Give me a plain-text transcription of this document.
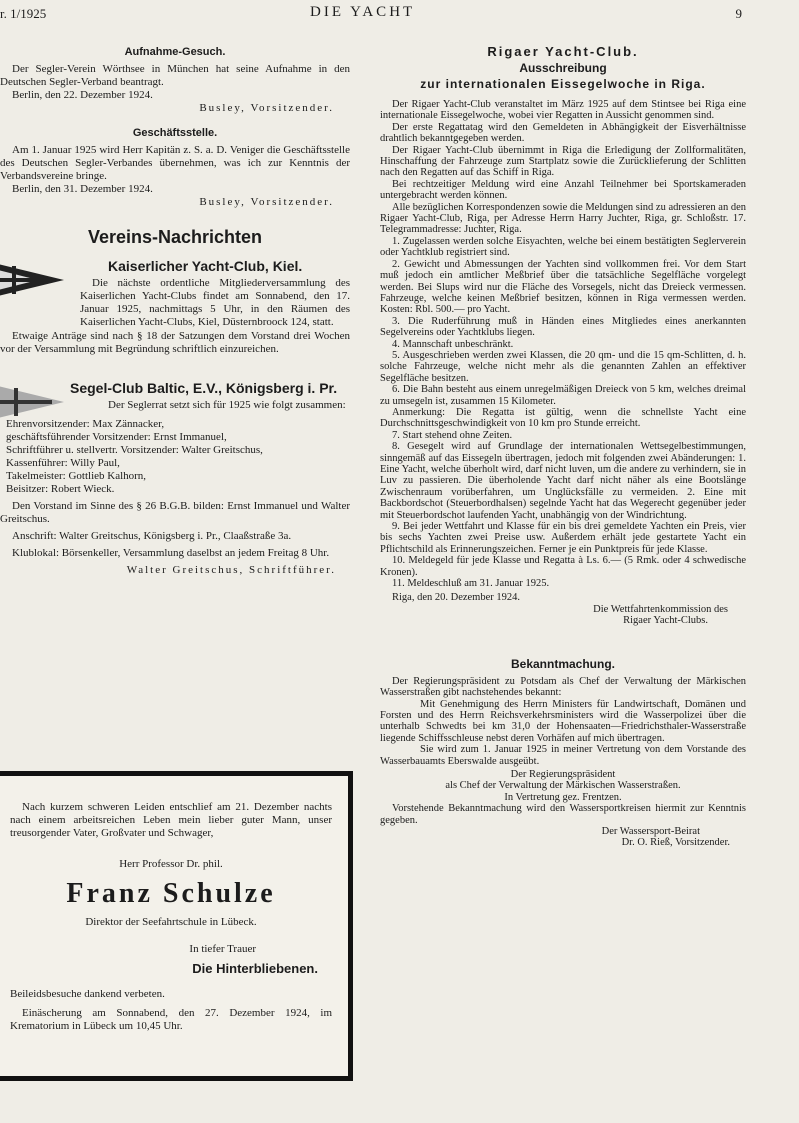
r. 1/1925	DIE YACHT	9
Aufnahme-Gesuch.

Der Segler-Verein Wörthsee in München hat seine Aufnahme in den Deutschen Segler-Verband beantragt.

Berlin, den 22. Dezember 1924.

Busley, Vorsitzender.

Geschäftsstelle.

Am 1. Januar 1925 wird Herr Kapitän z. S. a. D. Veniger die Geschäftsstelle des Deutschen Segler-Verbandes übernehmen, was ich zur Kenntnis der Verbandsvereine bringe.

Berlin, den 31. Dezember 1924.

Busley, Vorsitzender.

Vereins-Nachrichten
Kaiserlicher Yacht-Club, Kiel.

Die nächste ordentliche Mitgliederversammlung des Kaiserlichen Yacht-Clubs findet am Sonnabend, den 17. Januar 1925, nachmittags 5 Uhr, in den Räumen des Kaiserlichen Yacht-Clubs, Kiel, Düsternbroock 124, statt.

Etwaige Anträge sind nach § 18 der Satzungen dem Vorstand drei Wochen vor der Versammlung mit Begründung schriftlich einzureichen.

Segel-Club Baltic, E.V., Königsberg i. Pr.

Der Seglerrat setzt sich für 1925 wie folgt zusammen:

Ehrenvorsitzender: Max Zännacker,
geschäftsführender Vorsitzender: Ernst Immanuel,
Schriftführer u. stellvertr. Vorsitzender: Walter Greitschus,
Kassenführer: Willy Paul,
Takelmeister: Gottlieb Kalhorn,
Beisitzer: Robert Wieck.

Den Vorstand im Sinne des § 26 B.G.B. bilden: Ernst Immanuel und Walter Greitschus.

Anschrift: Walter Greitschus, Königsberg i. Pr., Claaßstraße 3a.

Klublokal: Börsenkeller, Versammlung daselbst an jedem Freitag 8 Uhr.

Walter Greitschus, Schriftführer.

Nach kurzem schweren Leiden entschlief am 21. Dezember nachts nach einem arbeitsreichen Leben mein lieber guter Mann, unser treusorgender Vater, Großvater und Schwager,

Herr Professor Dr. phil.
Franz Schulze

Direktor der Seefahrtschule in Lübeck.

In tiefer Trauer
Die Hinterbliebenen.

Beileidsbesuche dankend verbeten.

Einäscherung am Sonnabend, den 27. Dezember 1924, im Krematorium in Lübeck um 10,45 Uhr.

Rigaer Yacht-Club.
Ausschreibung
zur internationalen Eissegelwoche in Riga.

Der Rigaer Yacht-Club veranstaltet im März 1925 auf dem Stintsee bei Riga eine internationale Eissegelwoche, wobei vier Regatten in Aussicht genommen sind.

Der erste Regattatag wird den Gemeldeten in Abhängigkeit der Eisverhältnisse drahtlich bekanntgegeben werden.

Der Rigaer Yacht-Club übernimmt in Riga die Erledigung der Zollformalitäten, Hinschaffung der Fahrzeuge zum Startplatz sowie die Zurücklieferung der Schlitten nach den Regatten auf das Schiff in Riga.

Bei rechtzeitiger Meldung wird eine Anzahl Teilnehmer bei Sportskameraden untergebracht werden können.

Alle bezüglichen Korrespondenzen sowie die Meldungen sind zu adressieren an den Rigaer Yacht-Club, Riga, per Adresse Herrn Harry Juchter, Riga, gr. Schloßstr. 17. Telegrammadresse: Juchter, Riga.

1. Zugelassen werden solche Eisyachten, welche bei einem bestätigten Seglerverein oder Yachtklub registriert sind.

2. Gewicht und Abmessungen der Yachten sind vollkommen frei. Vor dem Start muß jedoch ein amtlicher Meßbrief über die tatsächliche Segelfläche vorgelegt werden. Bei Slups wird nur die Fläche des Vorsegels, nicht das Dreieck vermessen. Fahrzeuge, welche keinen Meßbrief besitzen, können in Riga vermessen werden. Kosten: Rbl. 500.— pro Yacht.

3. Die Ruderführung muß in Händen eines Mitgliedes eines anerkannten Segelvereins oder Yachtklubs liegen.

4. Mannschaft unbeschränkt.

5. Ausgeschrieben werden zwei Klassen, die 20 qm- und die 15 qm-Schlitten, d. h. solche Fahrzeuge, welche nicht mehr als die genannten Zahlen an effektiver Segelfläche besitzen.

6. Die Bahn besteht aus einem unregelmäßigen Dreieck von 5 km, welches dreimal zu umsegeln ist, zusammen 15 Kilometer.

Anmerkung: Die Regatta ist gültig, wenn die schnellste Yacht eine Durchschnittsgeschwindigkeit von 10 km pro Stunde erreicht.

7. Start stehend ohne Zeiten.

8. Gesegelt wird auf Grundlage der internationalen Wettsegelbestimmungen, sinngemäß auf das Eissegeln übertragen, jedoch mit folgenden zwei Abänderungen: 1. Eine Yacht, welche überholt wird, darf nicht luven, um die andere zu verhindern, sie in Luv zu passieren. Die überholende Yacht darf nicht näher als eine Bootslänge Zwischenraum vorüberfahren, um Unglücksfälle zu vermeiden. 2. Eine mit Backbordschot (Steuerbordhalsen) segelnde Yacht hat das Wegerecht gegenüber jeder mit Steuerbordschot laufenden Yacht, unabhängig von der Windrichtung.

9. Bei jeder Wettfahrt und Klasse für ein bis drei gemeldete Yachten ein Preis, vier bis sechs Yachten zwei Preise usw. Außerdem erhält jede gestartete Yacht ein Pflichtschild als Erinnerungszeichen. Ferner je ein Punktpreis für jede Klasse.

10. Meldegeld für jede Klasse und Regatta à Ls. 6.— (5 Rmk. oder 4 schwedische Kronen).

11. Meldeschluß am 31. Januar 1925.

Riga, den 20. Dezember 1924.

Die Wettfahrtenkommission des

Rigaer Yacht-Clubs.

Bekanntmachung.

Der Regierungspräsident zu Potsdam als Chef der Verwaltung der Märkischen Wasserstraßen gibt nachstehendes bekannt:

Mit Genehmigung des Herrn Ministers für Landwirtschaft, Domänen und Forsten und des Herrn Reichsverkehrsministers wird die Wasserpolizei über die unterhalb Schwedts bei km 31,0 der Hohensaaten—Friedrichsthaler-Wasserstraße liegende Schiffsschleuse nebst deren Vorhäfen auf mich übertragen.

Sie wird zum 1. Januar 1925 in meiner Vertretung von dem Vorstande des Wasserbauamts Eberswalde ausgeübt.

Der Regierungspräsident

als Chef der Verwaltung der Märkischen Wasserstraßen.

In Vertretung gez. Frentzen.

Vorstehende Bekanntmachung wird den Wassersportkreisen hiermit zur Kenntnis gegeben.

Der Wassersport-Beirat

Dr. O. Rieß, Vorsitzender.
